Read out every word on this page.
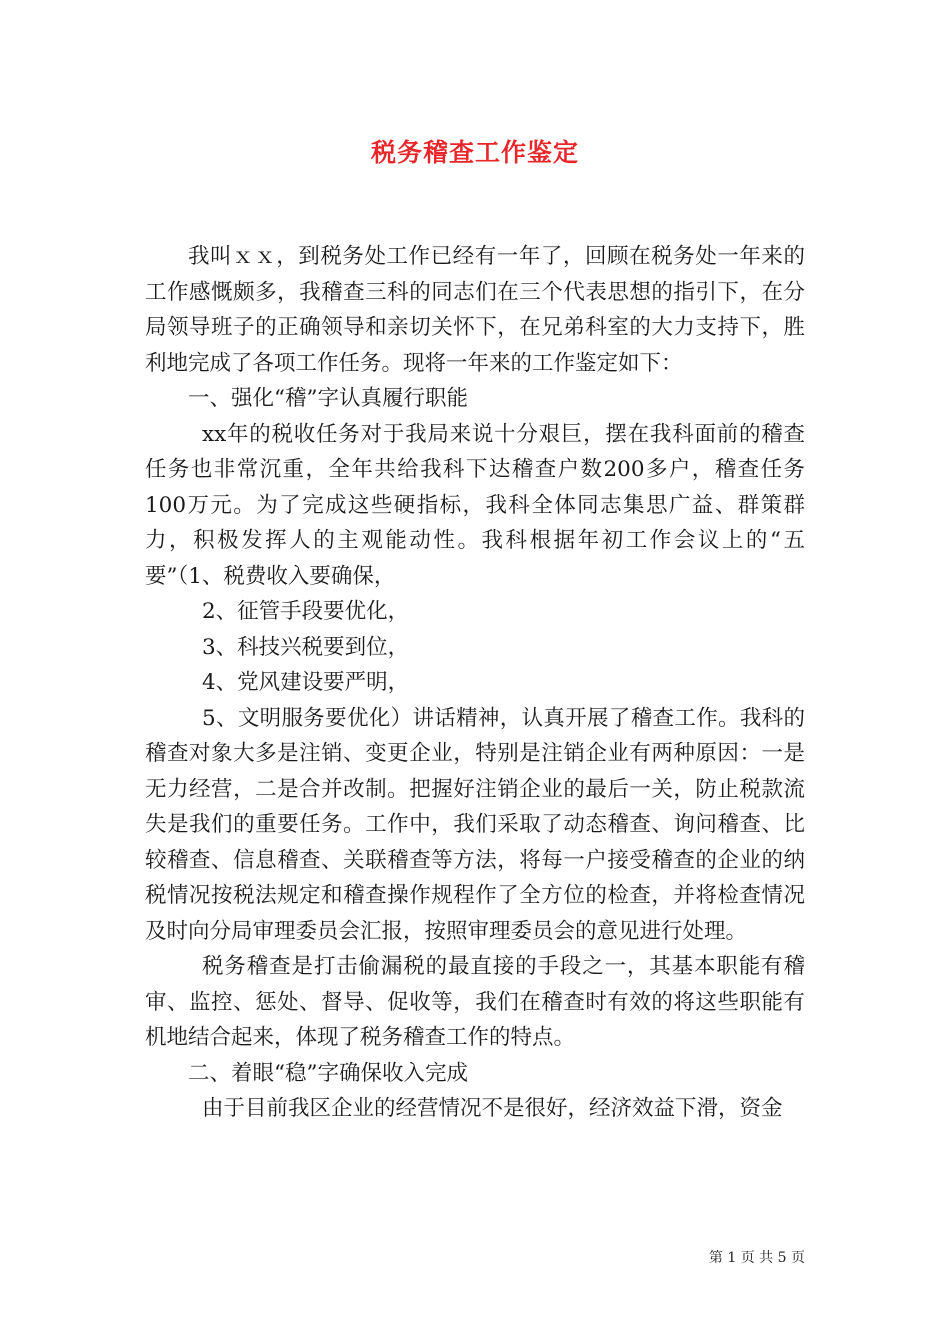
税务稽查工作鉴定

我叫ｘｘ，到税务处工作已经有一年了，回顾在税务处一年来的工作感慨颇多，我稽查三科的同志们在三个代表思想的指引下，在分局领导班子的正确领导和亲切关怀下，在兄弟科室的大力支持下，胜利地完成了各项工作任务。现将一年来的工作鉴定如下：

一、强化“稽”字认真履行职能

xx年的税收任务对于我局来说十分艰巨，摆在我科面前的稽查任务也非常沉重，全年共给我科下达稽查户数200多户，稽查任务100万元。为了完成这些硬指标，我科全体同志集思广益、群策群力，积极发挥人的主观能动性。我科根据年初工作会议上的“五要”（1、税费收入要确保，

2、征管手段要优化，

3、科技兴税要到位，

4、党风建设要严明，

5、文明服务要优化）讲话精神，认真开展了稽查工作。我科的稽查对象大多是注销、变更企业，特别是注销企业有两种原因：一是无力经营，二是合并改制。把握好注销企业的最后一关，防止税款流失是我们的重要任务。工作中，我们采取了动态稽查、询问稽查、比较稽查、信息稽查、关联稽查等方法，将每一户接受稽查的企业的纳税情况按税法规定和稽查操作规程作了全方位的检查，并将检查情况及时向分局审理委员会汇报，按照审理委员会的意见进行处理。

税务稽查是打击偷漏税的最直接的手段之一，其基本职能有稽审、监控、惩处、督导、促收等，我们在稽查时有效的将这些职能有机地结合起来，体现了税务稽查工作的特点。

二、着眼“稳”字确保收入完成

由于目前我区企业的经营情况不是很好，经济效益下滑，资金

第 1 页 共 5 页
